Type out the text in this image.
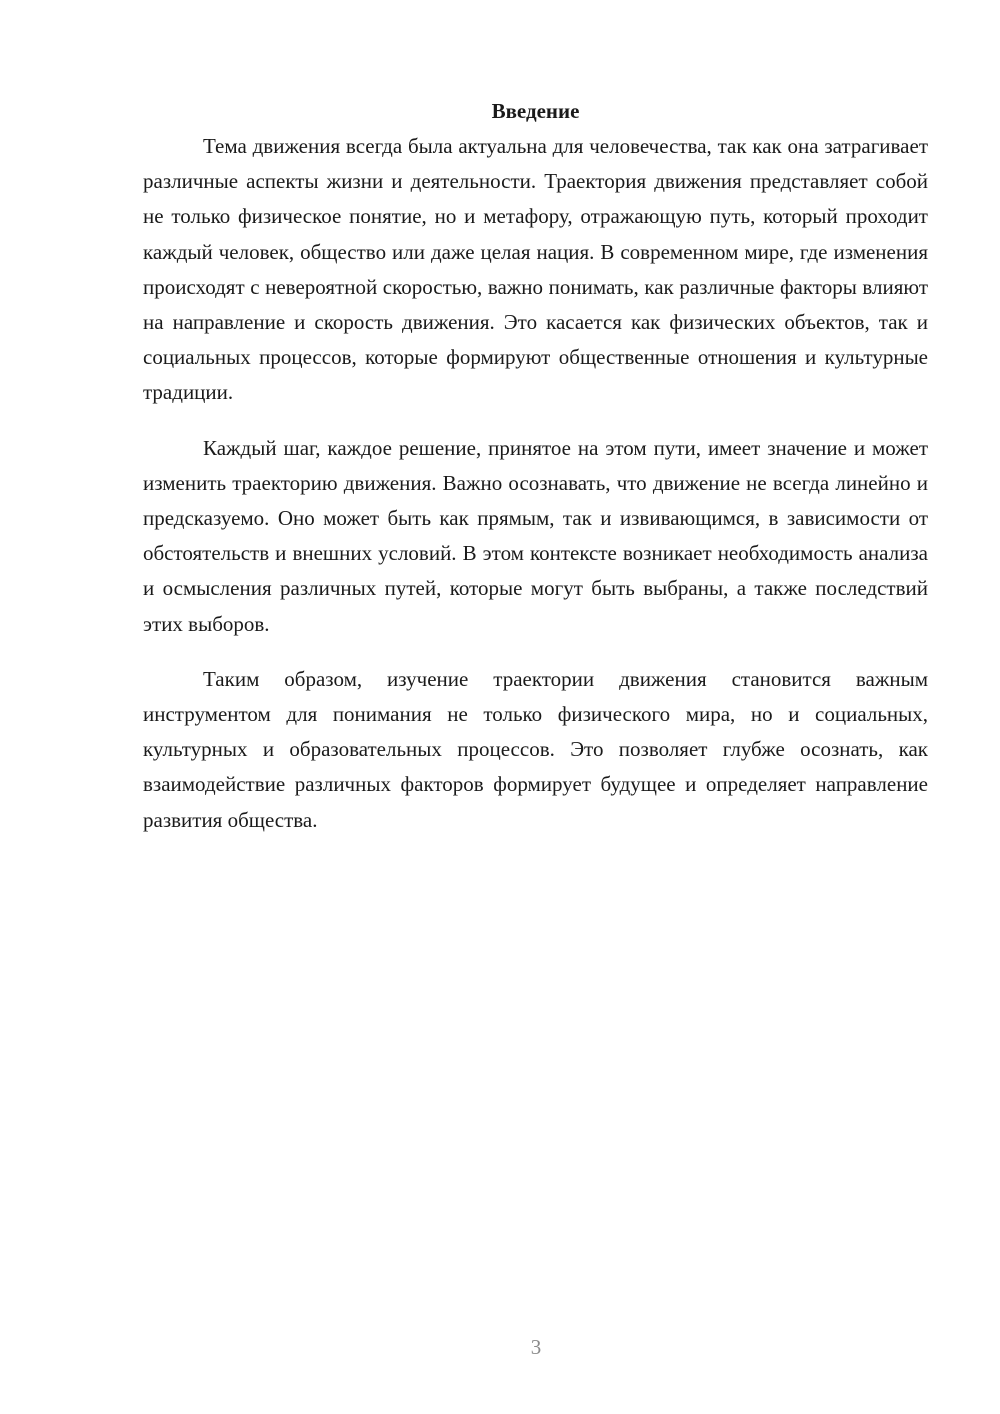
Введение

Тема движения всегда была актуальна для человечества, так как она затрагивает различные аспекты жизни и деятельности. Траектория движения представляет собой не только физическое понятие, но и метафору, отражающую путь, который проходит каждый человек, общество или даже целая нация. В современном мире, где изменения происходят с невероятной скоростью, важно понимать, как различные факторы влияют на направление и скорость движения. Это касается как физических объектов, так и социальных процессов, которые формируют общественные отношения и культурные традиции.

Каждый шаг, каждое решение, принятое на этом пути, имеет значение и может изменить траекторию движения. Важно осознавать, что движение не всегда линейно и предсказуемо. Оно может быть как прямым, так и извивающимся, в зависимости от обстоятельств и внешних условий. В этом контексте возникает необходимость анализа и осмысления различных путей, которые могут быть выбраны, а также последствий этих выборов.

Таким образом, изучение траектории движения становится важным инструментом для понимания не только физического мира, но и социальных, культурных и образовательных процессов. Это позволяет глубже осознать, как взаимодействие различных факторов формирует будущее и определяет направление развития общества.

3
